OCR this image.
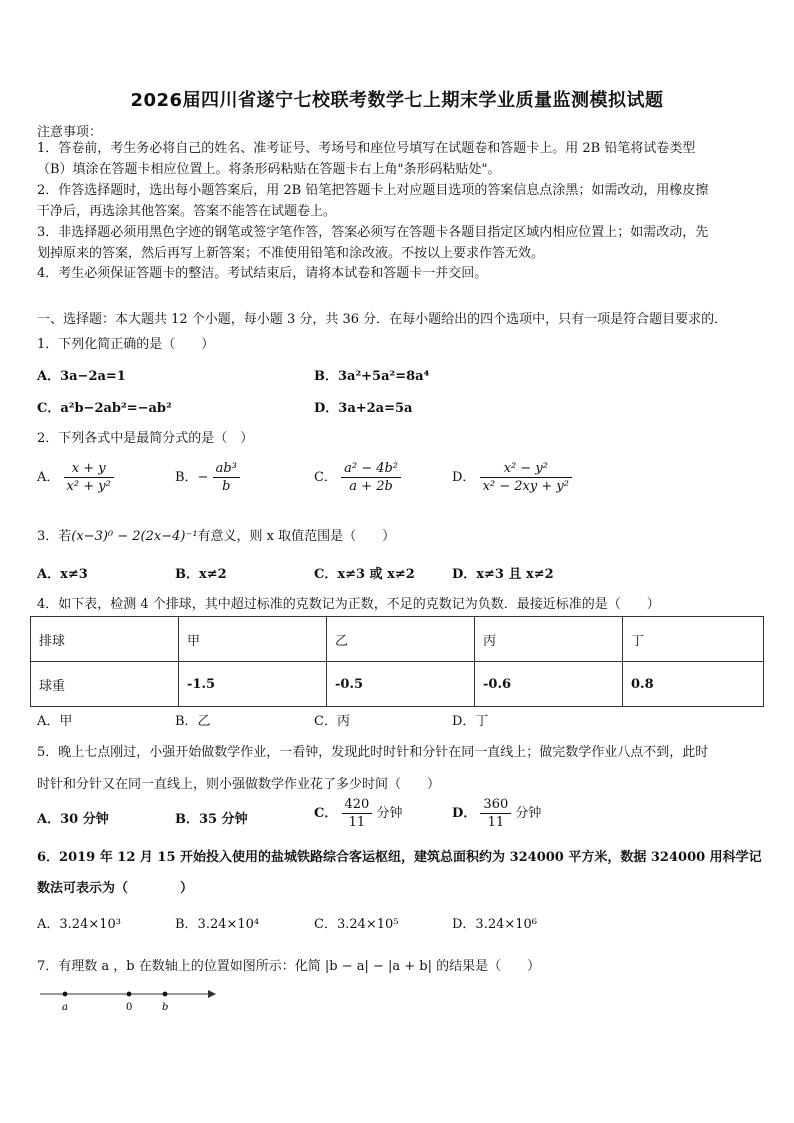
2026届四川省遂宁七校联考数学七上期末学业质量监测模拟试题
注意事项：
1．答卷前，考生务必将自己的姓名、准考证号、考场号和座位号填写在试题卷和答题卡上。用 2B 铅笔将试卷类型
（B）填涂在答题卡相应位置上。将条形码粘贴在答题卡右上角"条形码粘贴处"。
2．作答选择题时，选出每小题答案后，用 2B 铅笔把答题卡上对应题目选项的答案信息点涂黑；如需改动，用橡皮擦
干净后，再选涂其他答案。答案不能答在试题卷上。
3．非选择题必须用黑色字迹的钢笔或签字笔作答，答案必须写在答题卡各题目指定区域内相应位置上；如需改动，先
划掉原来的答案，然后再写上新答案；不准使用铅笔和涂改液。不按以上要求作答无效。
4．考生必须保证答题卡的整洁。考试结束后，请将本试卷和答题卡一并交回。
一、选择题：本大题共 12 个小题，每小题 3 分，共 36 分．在每小题给出的四个选项中，只有一项是符合题目要求的．
1．下列化简正确的是（　　）
A．3a−2a=1	B．3a²+5a²=8a⁴
C．a²b−2ab²=−ab²	D．3a+2a=5a
2．下列各式中是最简分式的是（　）
A． $\frac{x + y}{\text{x² + y²}}$	B．− $\frac{\text{ab³}}{b}$	C． $\frac{\text{a² − 4b²}}{a + 2b}$	D． $\frac{\text{x² − y²}}{\text{x² − 2xy + y²}}$
3．若(x−3)⁰ − 2(2x−4)⁻¹有意义，则 x 取值范围是（　　）
A．x≠3	B．x≠2	C．x≠3 或 x≠2	D．x≠3 且 x≠2
4．如下表，检测 4 个排球，其中超过标准的克数记为正数，不足的克数记为负数．最接近标准的是（　　）
排球	甲	乙	丙	丁
球重	-1.5	-0.5	-0.6	0.8
A．甲	B．乙	C．丙	D．丁
5．晚上七点刚过，小强开始做数学作业，一看钟，发现此时时针和分针在同一直线上；做完数学作业八点不到，此时
时针和分针又在同一直线上，则小强做数学作业花了多少时间（　　）
A．30 分钟	B．35 分钟	C． $\frac{420}{11}$ 分钟	D． $\frac{360}{11}$ 分钟
6．2019 年 12 月 15 开始投入使用的盐城铁路综合客运枢纽，建筑总面积约为 324000 平方米，数据 324000 用科学记
数法可表示为（　　　　）
A．3.24×10³	B．3.24×10⁴	C．3.24×10⁵	D．3.24×10⁶
7．有理数 a ，b 在数轴上的位置如图所示：化简 |b − a| − |a + b| 的结果是（　　）
a	0	b
